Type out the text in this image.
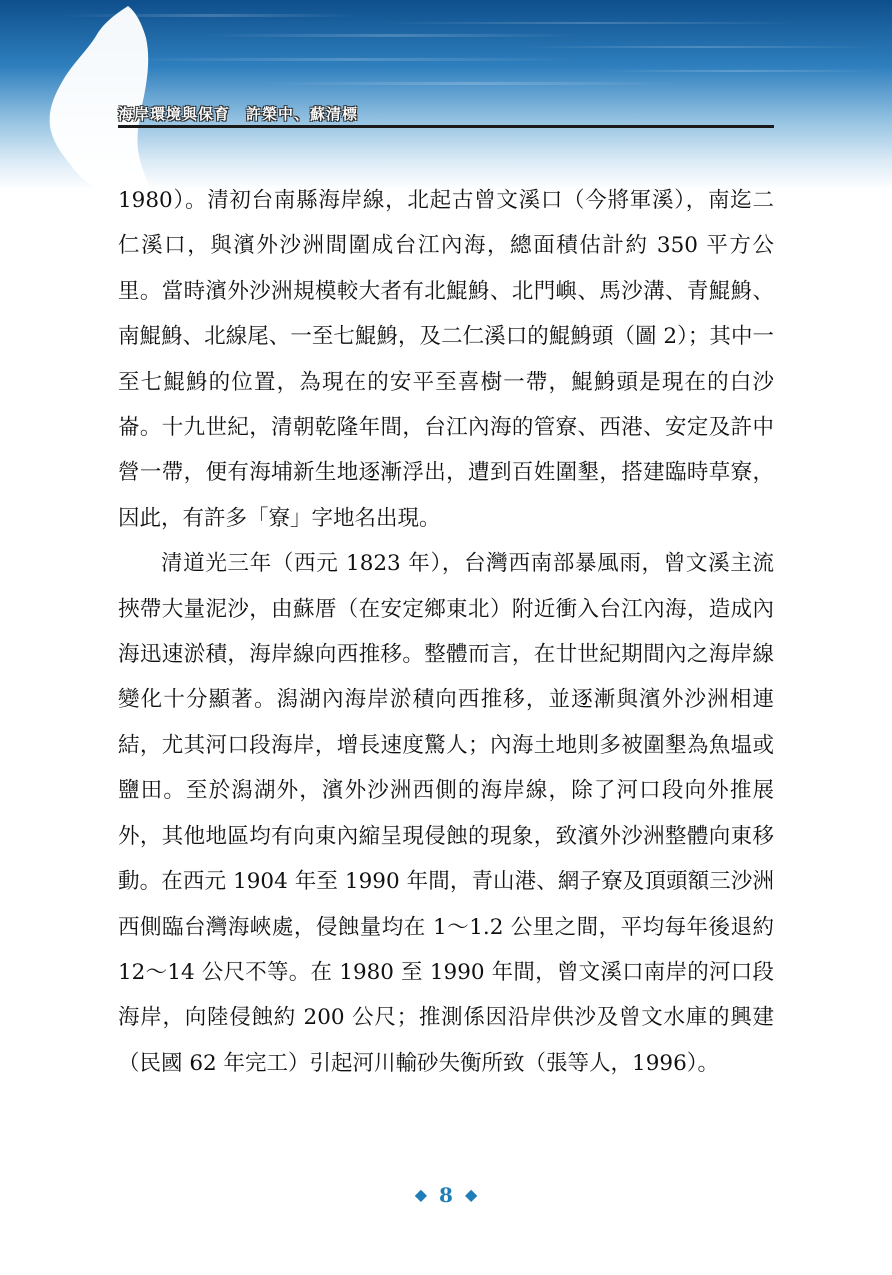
海岸環境與保育　許榮中、蘇清標

1980）。清初台南縣海岸線，北起古曾文溪口（今將軍溪），南迄二仁溪口，與濱外沙洲間圍成台江內海，總面積估計約 350 平方公里。當時濱外沙洲規模較大者有北鯤鯓、北門嶼、馬沙溝、青鯤鯓、南鯤鯓、北線尾、一至七鯤鯓，及二仁溪口的鯤鯓頭（圖 2）；其中一至七鯤鯓的位置，為現在的安平至喜樹一帶，鯤鯓頭是現在的白沙崙。十九世紀，清朝乾隆年間，台江內海的管寮、西港、安定及許中營一帶，便有海埔新生地逐漸浮出，遭到百姓圍墾，搭建臨時草寮，因此，有許多「寮」字地名出現。

清道光三年（西元 1823 年），台灣西南部暴風雨，曾文溪主流挾帶大量泥沙，由蘇厝（在安定鄉東北）附近衝入台江內海，造成內海迅速淤積，海岸線向西推移。整體而言，在廿世紀期間內之海岸線變化十分顯著。潟湖內海岸淤積向西推移，並逐漸與濱外沙洲相連結，尤其河口段海岸，增長速度驚人；內海土地則多被圍墾為魚塭或鹽田。至於潟湖外，濱外沙洲西側的海岸線，除了河口段向外推展外，其他地區均有向東內縮呈現侵蝕的現象，致濱外沙洲整體向東移動。在西元 1904 年至 1990 年間，青山港、網子寮及頂頭額三沙洲西側臨台灣海峽處，侵蝕量均在 1～1.2 公里之間，平均每年後退約 12～14 公尺不等。在 1980 至 1990 年間，曾文溪口南岸的河口段海岸，向陸侵蝕約 200 公尺；推測係因沿岸供沙及曾文水庫的興建（民國 62 年完工）引起河川輸砂失衡所致（張等人，1996）。

◆ 8 ◆
